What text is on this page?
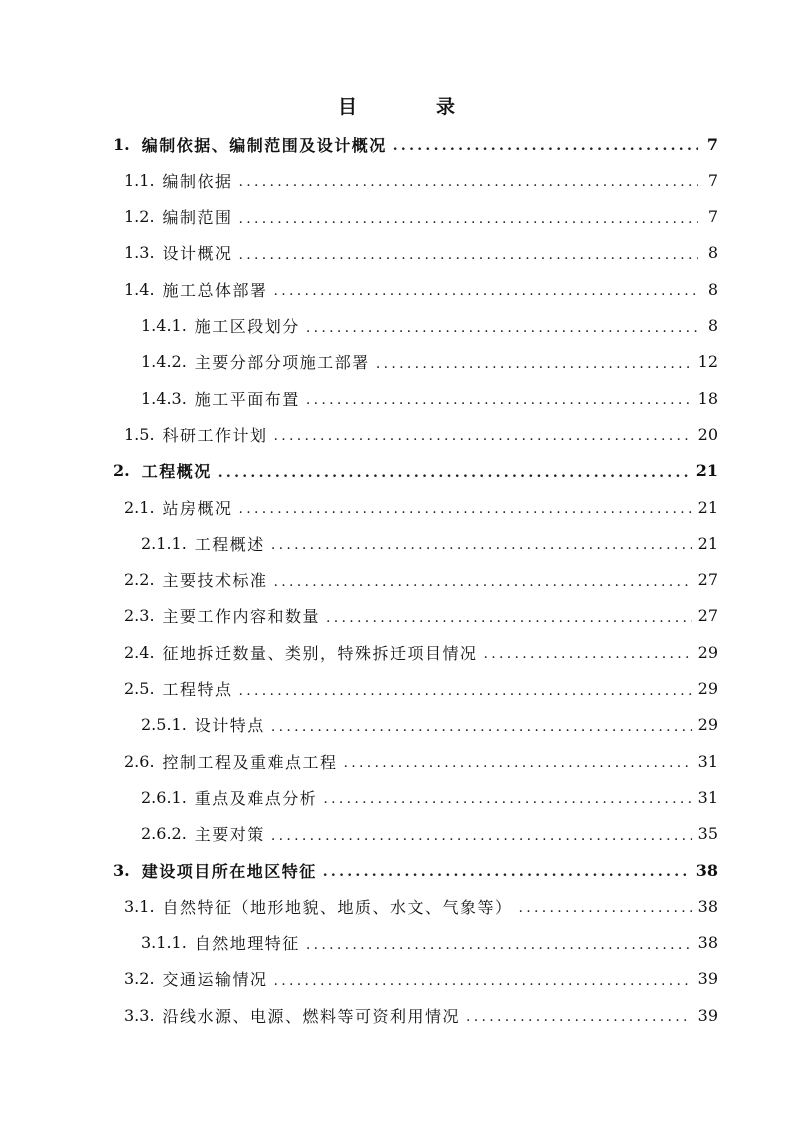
目　录
1. 编制依据、编制范围及设计概况 .....	7
1.1. 编制依据 .....	7
1.2. 编制范围 .....	7
1.3. 设计概况 .....	8
1.4. 施工总体部署 .....	8
1.4.1. 施工区段划分 .....	8
1.4.2. 主要分部分项施工部署 .....	12
1.4.3. 施工平面布置 .....	18
1.5. 科研工作计划 .....	20
2. 工程概况 .....	21
2.1. 站房概况 .....	21
2.1.1. 工程概述 .....	21
2.2. 主要技术标准 .....	27
2.3. 主要工作内容和数量 .....	27
2.4. 征地拆迁数量、类别，特殊拆迁项目情况 .....	29
2.5. 工程特点 .....	29
2.5.1. 设计特点 .....	29
2.6. 控制工程及重难点工程 .....	31
2.6.1. 重点及难点分析 .....	31
2.6.2. 主要对策 .....	35
3. 建设项目所在地区特征 .....	38
3.1. 自然特征（地形地貌、地质、水文、气象等） .....	38
3.1.1. 自然地理特征 .....	38
3.2. 交通运输情况 .....	39
3.3. 沿线水源、电源、燃料等可资利用情况 .....	39
